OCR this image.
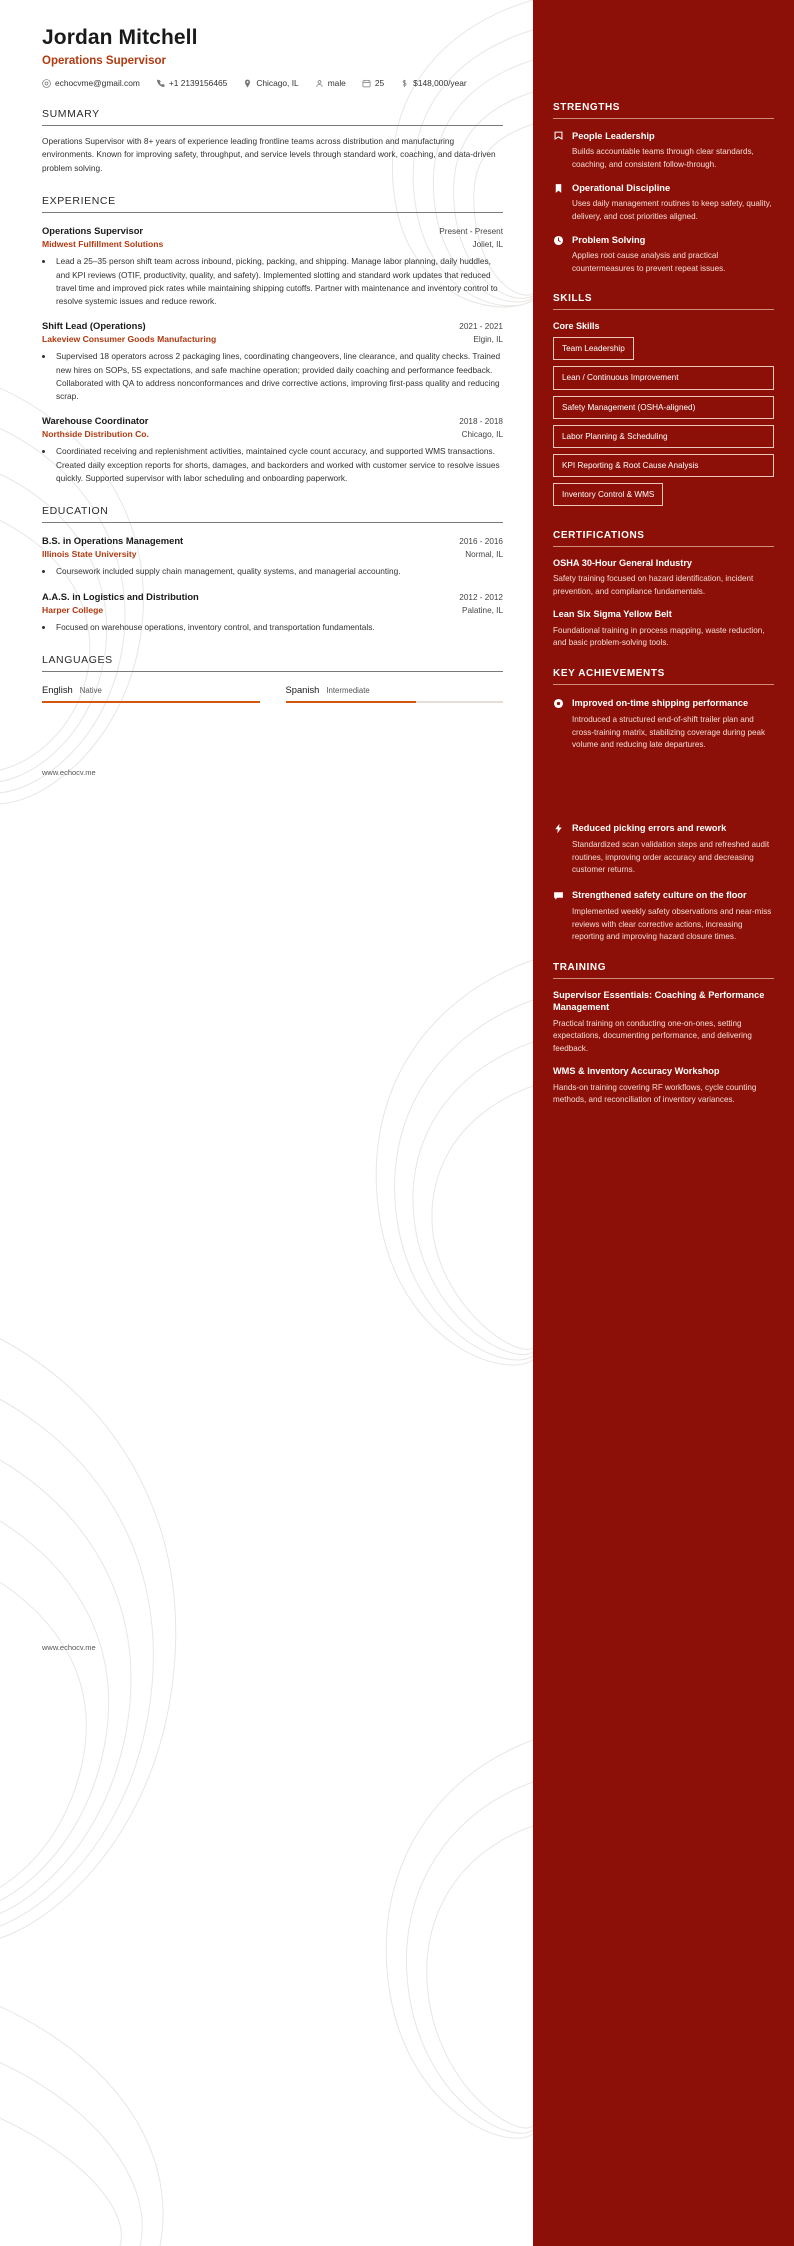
Jordan Mitchell
Operations Supervisor
echocvme@gmail.com	+1 2139156465	Chicago, IL	male	25	$148,000/year
SUMMARY

Operations Supervisor with 8+ years of experience leading frontline teams across distribution and manufacturing environments. Known for improving safety, throughput, and service levels through standard work, coaching, and data-driven problem solving.

EXPERIENCE
Operations Supervisor	Present - Present
Midwest Fulfillment Solutions	Joliet, IL
• Lead a 25–35 person shift team across inbound, picking, packing, and shipping. Manage labor planning, daily huddles, and KPI reviews (OTIF, productivity, quality, and safety). Implemented slotting and standard work updates that reduced travel time and improved pick rates while maintaining shipping cutoffs. Partner with maintenance and inventory control to resolve systemic issues and reduce rework.
Shift Lead (Operations)	2021 - 2021
Lakeview Consumer Goods Manufacturing	Elgin, IL
• Supervised 18 operators across 2 packaging lines, coordinating changeovers, line clearance, and quality checks. Trained new hires on SOPs, 5S expectations, and safe machine operation; provided daily coaching and performance feedback. Collaborated with QA to address nonconformances and drive corrective actions, improving first-pass quality and reducing scrap.
Warehouse Coordinator	2018 - 2018
Northside Distribution Co.	Chicago, IL
• Coordinated receiving and replenishment activities, maintained cycle count accuracy, and supported WMS transactions. Created daily exception reports for shorts, damages, and backorders and worked with customer service to resolve issues quickly. Supported supervisor with labor scheduling and onboarding paperwork.
EDUCATION
B.S. in Operations Management	2016 - 2016
Illinois State University	Normal, IL
• Coursework included supply chain management, quality systems, and managerial accounting.
A.A.S. in Logistics and Distribution	2012 - 2012
Harper College	Palatine, IL
• Focused on warehouse operations, inventory control, and transportation fundamentals.
LANGUAGES
English Native	Spanish Intermediate
www.echocv.me
www.echocv.me
STRENGTHS
People Leadership
Builds accountable teams through clear standards, coaching, and consistent follow-through.
Operational Discipline
Uses daily management routines to keep safety, quality, delivery, and cost priorities aligned.
Problem Solving
Applies root cause analysis and practical countermeasures to prevent repeat issues.
SKILLS
Core Skills
Team Leadership
Lean / Continuous Improvement
Safety Management (OSHA-aligned)
Labor Planning & Scheduling
KPI Reporting & Root Cause Analysis
Inventory Control & WMS
CERTIFICATIONS
OSHA 30-Hour General Industry
Safety training focused on hazard identification, incident prevention, and compliance fundamentals.
Lean Six Sigma Yellow Belt
Foundational training in process mapping, waste reduction, and basic problem-solving tools.
KEY ACHIEVEMENTS
Improved on-time shipping performance
Introduced a structured end-of-shift trailer plan and cross-training matrix, stabilizing coverage during peak volume and reducing late departures.
Reduced picking errors and rework
Standardized scan validation steps and refreshed audit routines, improving order accuracy and decreasing customer returns.
Strengthened safety culture on the floor
Implemented weekly safety observations and near-miss reviews with clear corrective actions, increasing reporting and improving hazard closure times.
TRAINING
Supervisor Essentials: Coaching & Performance Management
Practical training on conducting one-on-ones, setting expectations, documenting performance, and delivering feedback.
WMS & Inventory Accuracy Workshop
Hands-on training covering RF workflows, cycle counting methods, and reconciliation of inventory variances.
